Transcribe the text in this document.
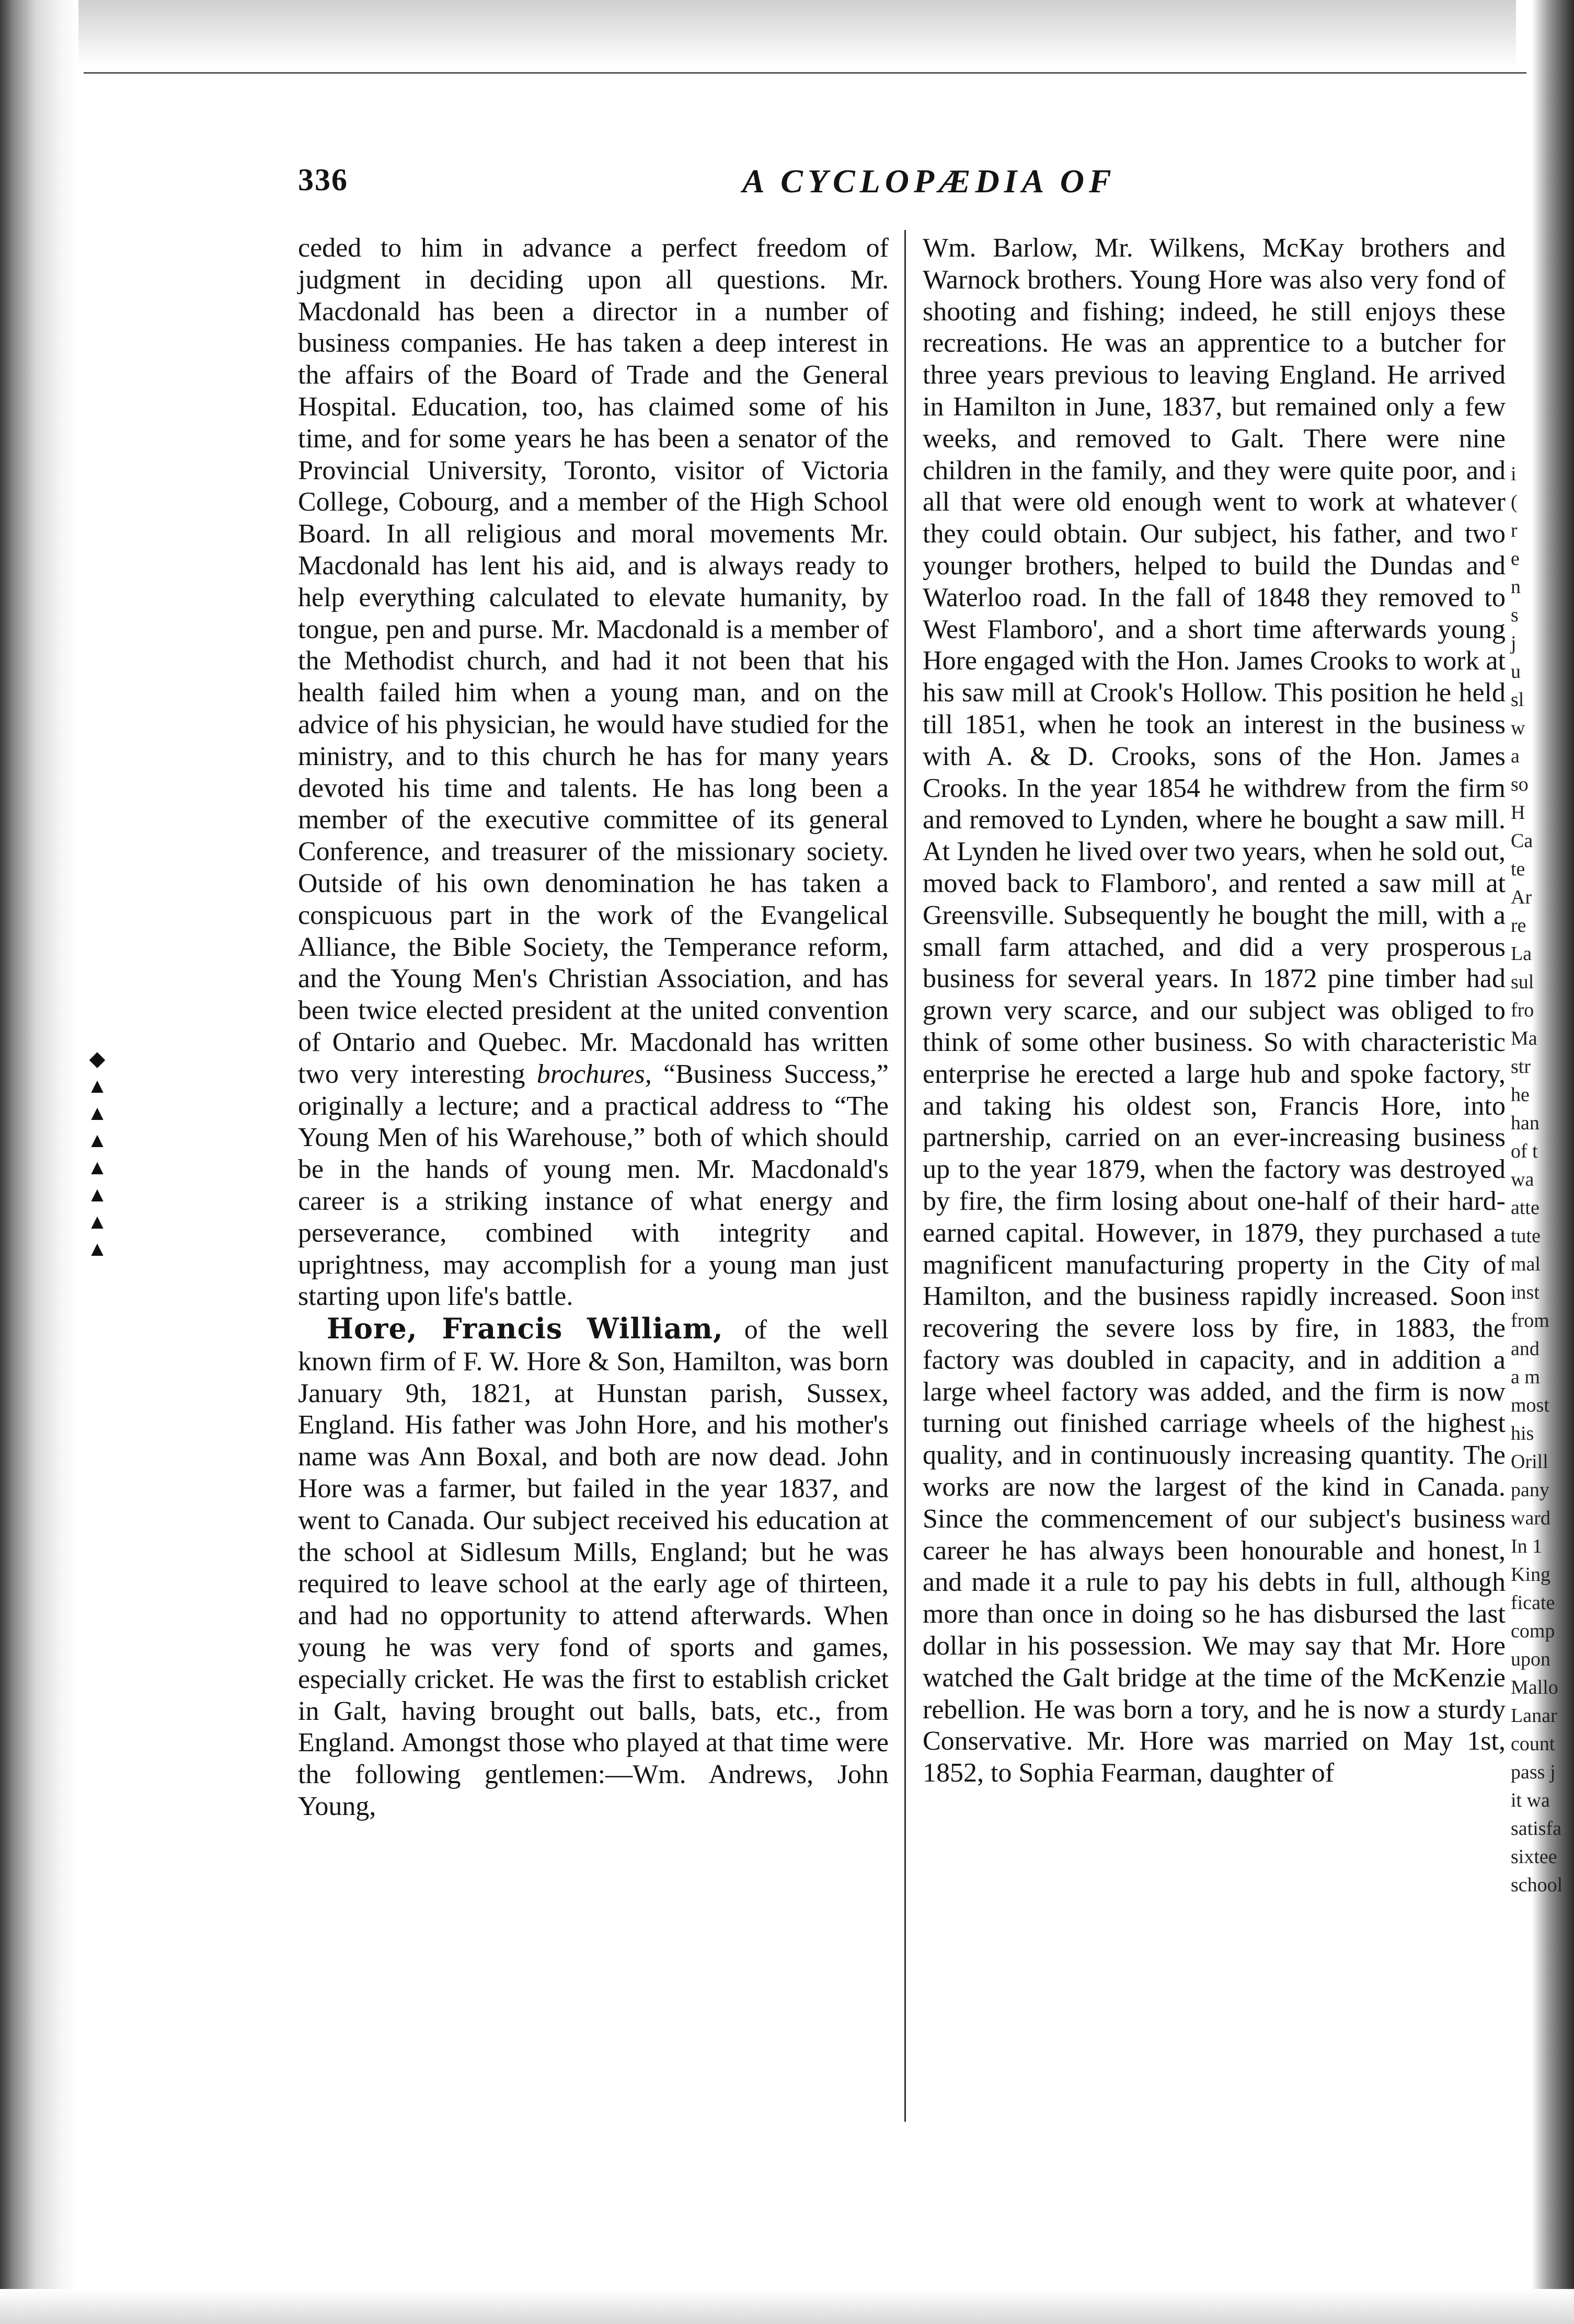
◆
▲
▲
▲
▲
▲
▲
▲
336	A CYCLOPÆDIA OF

ceded to him in advance a perfect freedom of judgment in deciding upon all questions. Mr. Macdonald has been a director in a number of business companies. He has taken a deep interest in the affairs of the Board of Trade and the General Hospital. Education, too, has claimed some of his time, and for some years he has been a senator of the Provincial University, Toronto, visitor of Victoria College, Cobourg, and a member of the High School Board. In all religious and moral movements Mr. Macdonald has lent his aid, and is always ready to help everything calculated to elevate humanity, by tongue, pen and purse. Mr. Macdonald is a member of the Methodist church, and had it not been that his health failed him when a young man, and on the advice of his physician, he would have studied for the ministry, and to this church he has for many years devoted his time and talents. He has long been a member of the executive committee of its general Conference, and treasurer of the missionary society. Outside of his own denomination he has taken a conspicuous part in the work of the Evangelical Alliance, the Bible Society, the Temperance reform, and the Young Men's Christian Association, and has been twice elected president at the united convention of Ontario and Quebec. Mr. Macdonald has written two very interesting brochures, “Business Success,” originally a lecture; and a practical address to “The Young Men of his Warehouse,” both of which should be in the hands of young men. Mr. Macdonald's career is a striking instance of what energy and perseverance, combined with integrity and uprightness, may accomplish for a young man just starting upon life's battle.

Hore, Francis William, of the well known firm of F. W. Hore & Son, Hamilton, was born January 9th, 1821, at Hunstan parish, Sussex, England. His father was John Hore, and his mother's name was Ann Boxal, and both are now dead. John Hore was a farmer, but failed in the year 1837, and went to Canada. Our subject received his education at the school at Sidlesum Mills, England; but he was required to leave school at the early age of thirteen, and had no opportunity to attend afterwards. When young he was very fond of sports and games, especially cricket. He was the first to establish cricket in Galt, having brought out balls, bats, etc., from England. Amongst those who played at that time were the following gentlemen:—Wm. Andrews, John Young,

Wm. Barlow, Mr. Wilkens, McKay brothers and Warnock brothers. Young Hore was also very fond of shooting and fishing; indeed, he still enjoys these recreations. He was an apprentice to a butcher for three years previous to leaving England. He arrived in Hamilton in June, 1837, but remained only a few weeks, and removed to Galt. There were nine children in the family, and they were quite poor, and all that were old enough went to work at whatever they could obtain. Our subject, his father, and two younger brothers, helped to build the Dundas and Waterloo road. In the fall of 1848 they removed to West Flamboro', and a short time afterwards young Hore engaged with the Hon. James Crooks to work at his saw mill at Crook's Hollow. This position he held till 1851, when he took an interest in the business with A. & D. Crooks, sons of the Hon. James Crooks. In the year 1854 he withdrew from the firm and removed to Lynden, where he bought a saw mill. At Lynden he lived over two years, when he sold out, moved back to Flamboro', and rented a saw mill at Greensville. Subsequently he bought the mill, with a small farm attached, and did a very prosperous business for several years. In 1872 pine timber had grown very scarce, and our subject was obliged to think of some other business. So with characteristic enterprise he erected a large hub and spoke factory, and taking his oldest son, Francis Hore, into partnership, carried on an ever-increasing business up to the year 1879, when the factory was destroyed by fire, the firm losing about one-half of their hard-earned capital. However, in 1879, they purchased a magnificent manufacturing property in the City of Hamilton, and the business rapidly increased. Soon recovering the severe loss by fire, in 1883, the factory was doubled in capacity, and in addition a large wheel factory was added, and the firm is now turning out finished carriage wheels of the highest quality, and in continuously increasing quantity. The works are now the largest of the kind in Canada. Since the commencement of our subject's business career he has always been honourable and honest, and made it a rule to pay his debts in full, although more than once in doing so he has disbursed the last dollar in his possession. We may say that Mr. Hore watched the Galt bridge at the time of the McKenzie rebellion. He was born a tory, and he is now a sturdy Conservative. Mr. Hore was married on May 1st, 1852, to Sophia Fearman, daughter of

i
(
r
e
n
s
j
u
sl
w
a
so
H
Ca
te
Ar
re
La
sul
fro
Ma
str
he
han
of t
wa
atte
tute
mal
inst
from
and
a m
most
his
Orill
pany
ward
In 1
King
ficate
comp
upon
Mallo
Lanar
count
pass j
it wa
satisfa
sixtee
school
